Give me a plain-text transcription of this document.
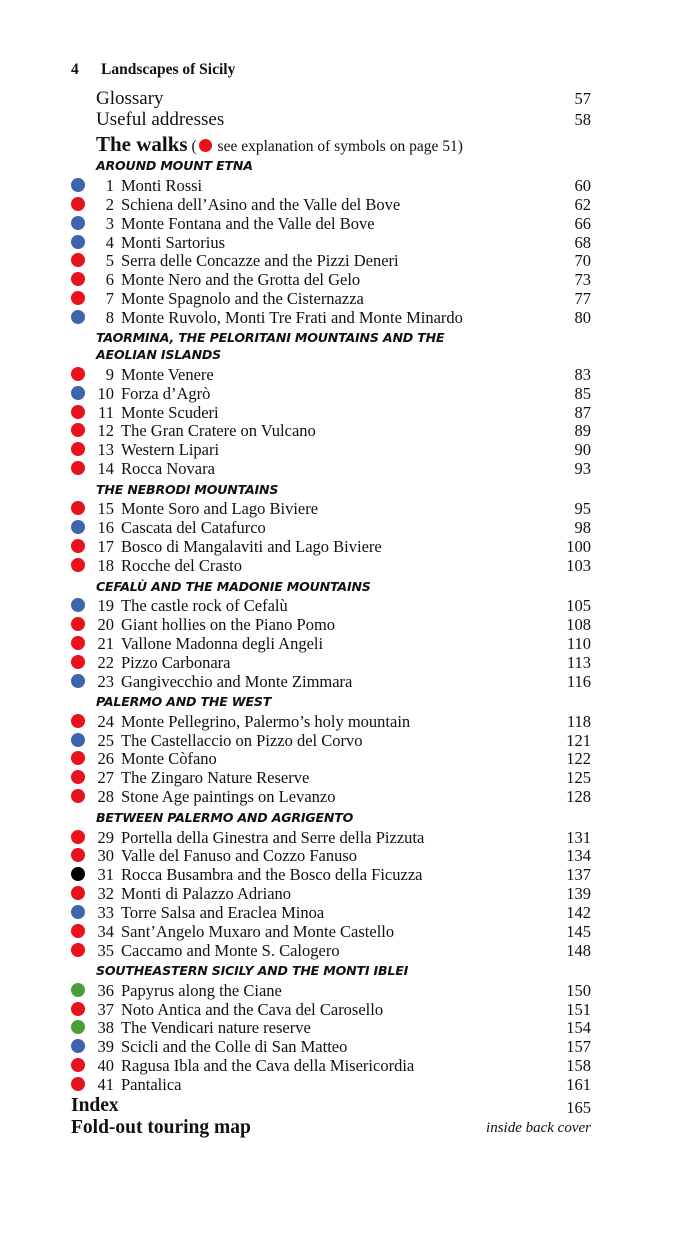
4 Landscapes of Sicily
Glossary	57
Useful addresses	58
The walks ( see explanation of symbols on page 51)
AROUND MOUNT ETNA
1 Monti Rossi	60
2 Schiena dell’Asino and the Valle del Bove	62
3 Monte Fontana and the Valle del Bove	66
4 Monti Sartorius	68
5 Serra delle Concazze and the Pizzi Deneri	70
6 Monte Nero and the Grotta del Gelo	73
7 Monte Spagnolo and the Cisternazza	77
8 Monte Ruvolo, Monti Tre Frati and Monte Minardo	80
TAORMINA, THE PELORITANI MOUNTAINS AND THE
AEOLIAN ISLANDS
9 Monte Venere	83
10 Forza d’Agrò	85
11 Monte Scuderi	87
12 The Gran Cratere on Vulcano	89
13 Western Lipari	90
14 Rocca Novara	93
THE NEBRODI MOUNTAINS
15 Monte Soro and Lago Biviere	95
16 Cascata del Catafurco	98
17 Bosco di Mangalaviti and Lago Biviere	100
18 Rocche del Crasto	103
CEFALÙ AND THE MADONIE MOUNTAINS
19 The castle rock of Cefalù	105
20 Giant hollies on the Piano Pomo	108
21 Vallone Madonna degli Angeli	110
22 Pizzo Carbonara	113
23 Gangivecchio and Monte Zimmara	116
PALERMO AND THE WEST
24 Monte Pellegrino, Palermo’s holy mountain	118
25 The Castellaccio on Pizzo del Corvo	121
26 Monte Còfano	122
27 The Zingaro Nature Reserve	125
28 Stone Age paintings on Levanzo	128
BETWEEN PALERMO AND AGRIGENTO
29 Portella della Ginestra and Serre della Pizzuta	131
30 Valle del Fanuso and Cozzo Fanuso	134
31 Rocca Busambra and the Bosco della Ficuzza	137
32 Monti di Palazzo Adriano	139
33 Torre Salsa and Eraclea Minoa	142
34 Sant’Angelo Muxaro and Monte Castello	145
35 Caccamo and Monte S. Calogero	148
SOUTHEASTERN SICILY AND THE MONTI IBLEI
36 Papyrus along the Ciane	150
37 Noto Antica and the Cava del Carosello	151
38 The Vendicari nature reserve	154
39 Scicli and the Colle di San Matteo	157
40 Ragusa Ibla and the Cava della Misericordia	158
41 Pantalica	161
Index	165
Fold-out touring map	inside back cover
